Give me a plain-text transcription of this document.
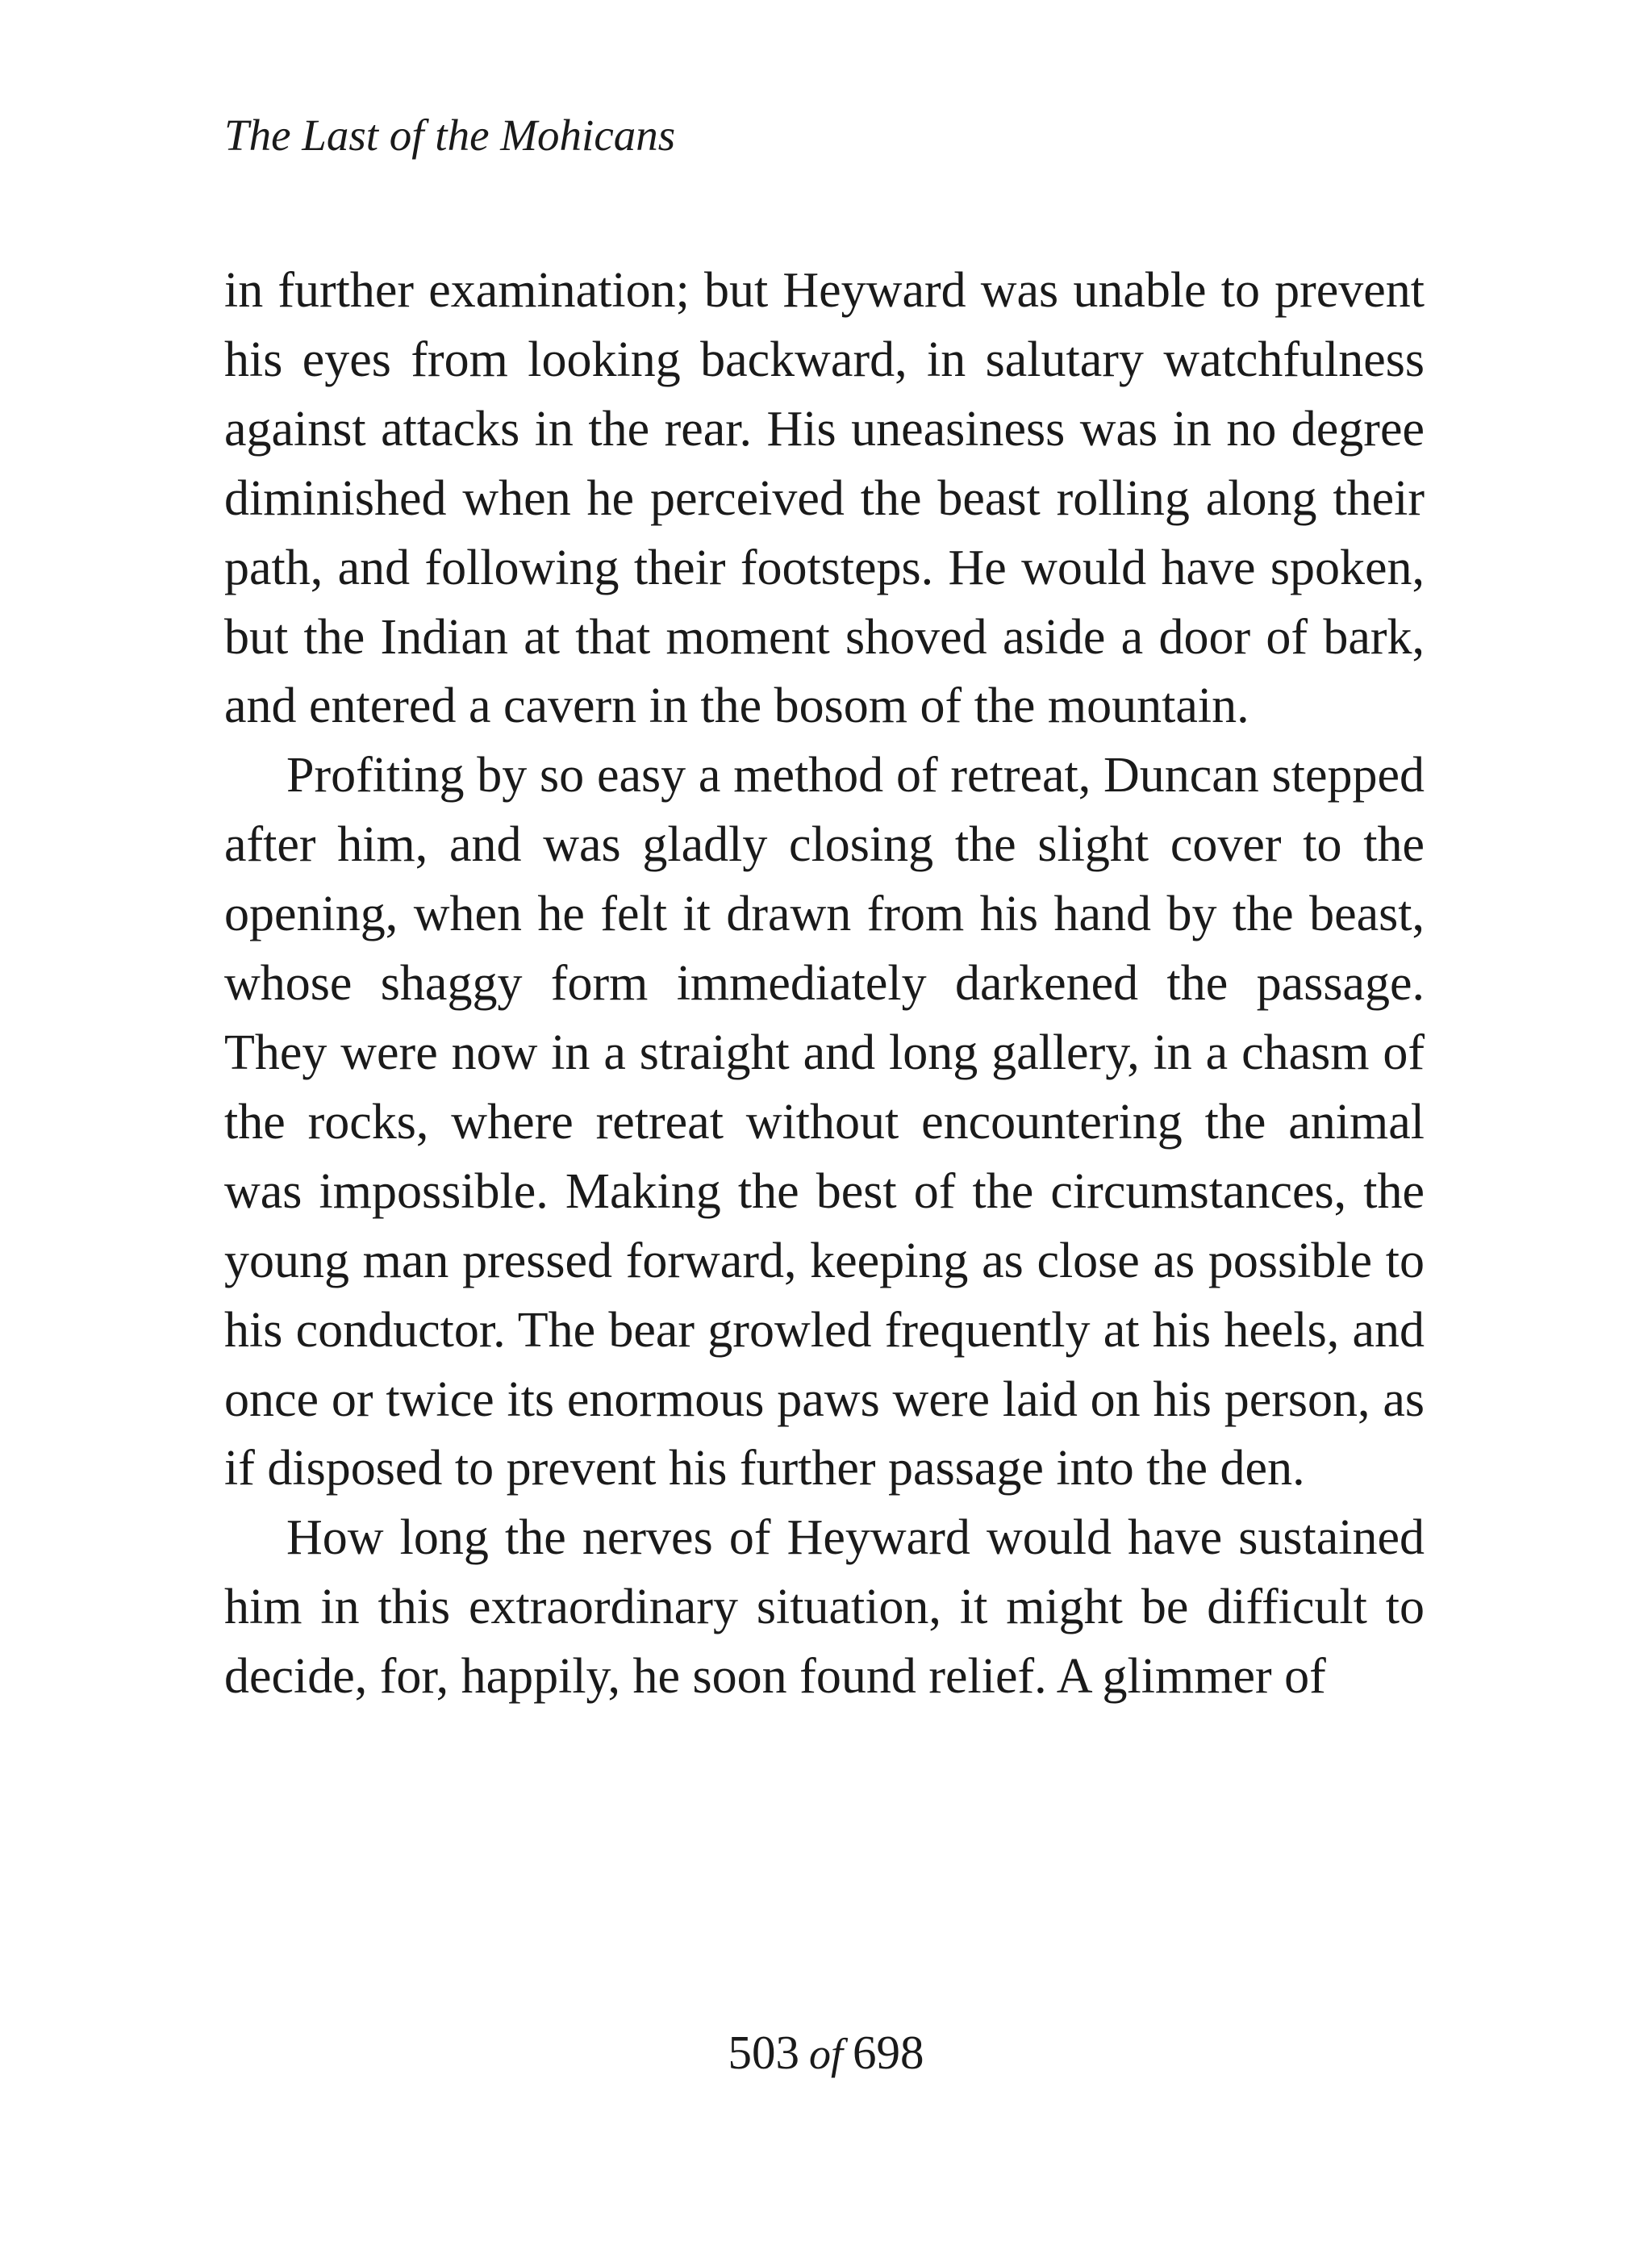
The Last of the Mohicans

in further examination; but Heyward was unable to prevent his eyes from looking backward, in salutary watchfulness against attacks in the rear. His uneasiness was in no degree diminished when he perceived the beast rolling along their path, and following their footsteps. He would have spoken, but the Indian at that moment shoved aside a door of bark, and entered a cavern in the bosom of the mountain.

Profiting by so easy a method of retreat, Duncan stepped after him, and was gladly closing the slight cover to the opening, when he felt it drawn from his hand by the beast, whose shaggy form immediately darkened the passage. They were now in a straight and long gallery, in a chasm of the rocks, where retreat without encountering the animal was impossible. Making the best of the circumstances, the young man pressed forward, keeping as close as possible to his conductor. The bear growled frequently at his heels, and once or twice its enormous paws were laid on his person, as if disposed to prevent his further passage into the den.

How long the nerves of Heyward would have sustained him in this extraordinary situation, it might be difficult to decide, for, happily, he soon found relief. A glimmer of

503 of 698
